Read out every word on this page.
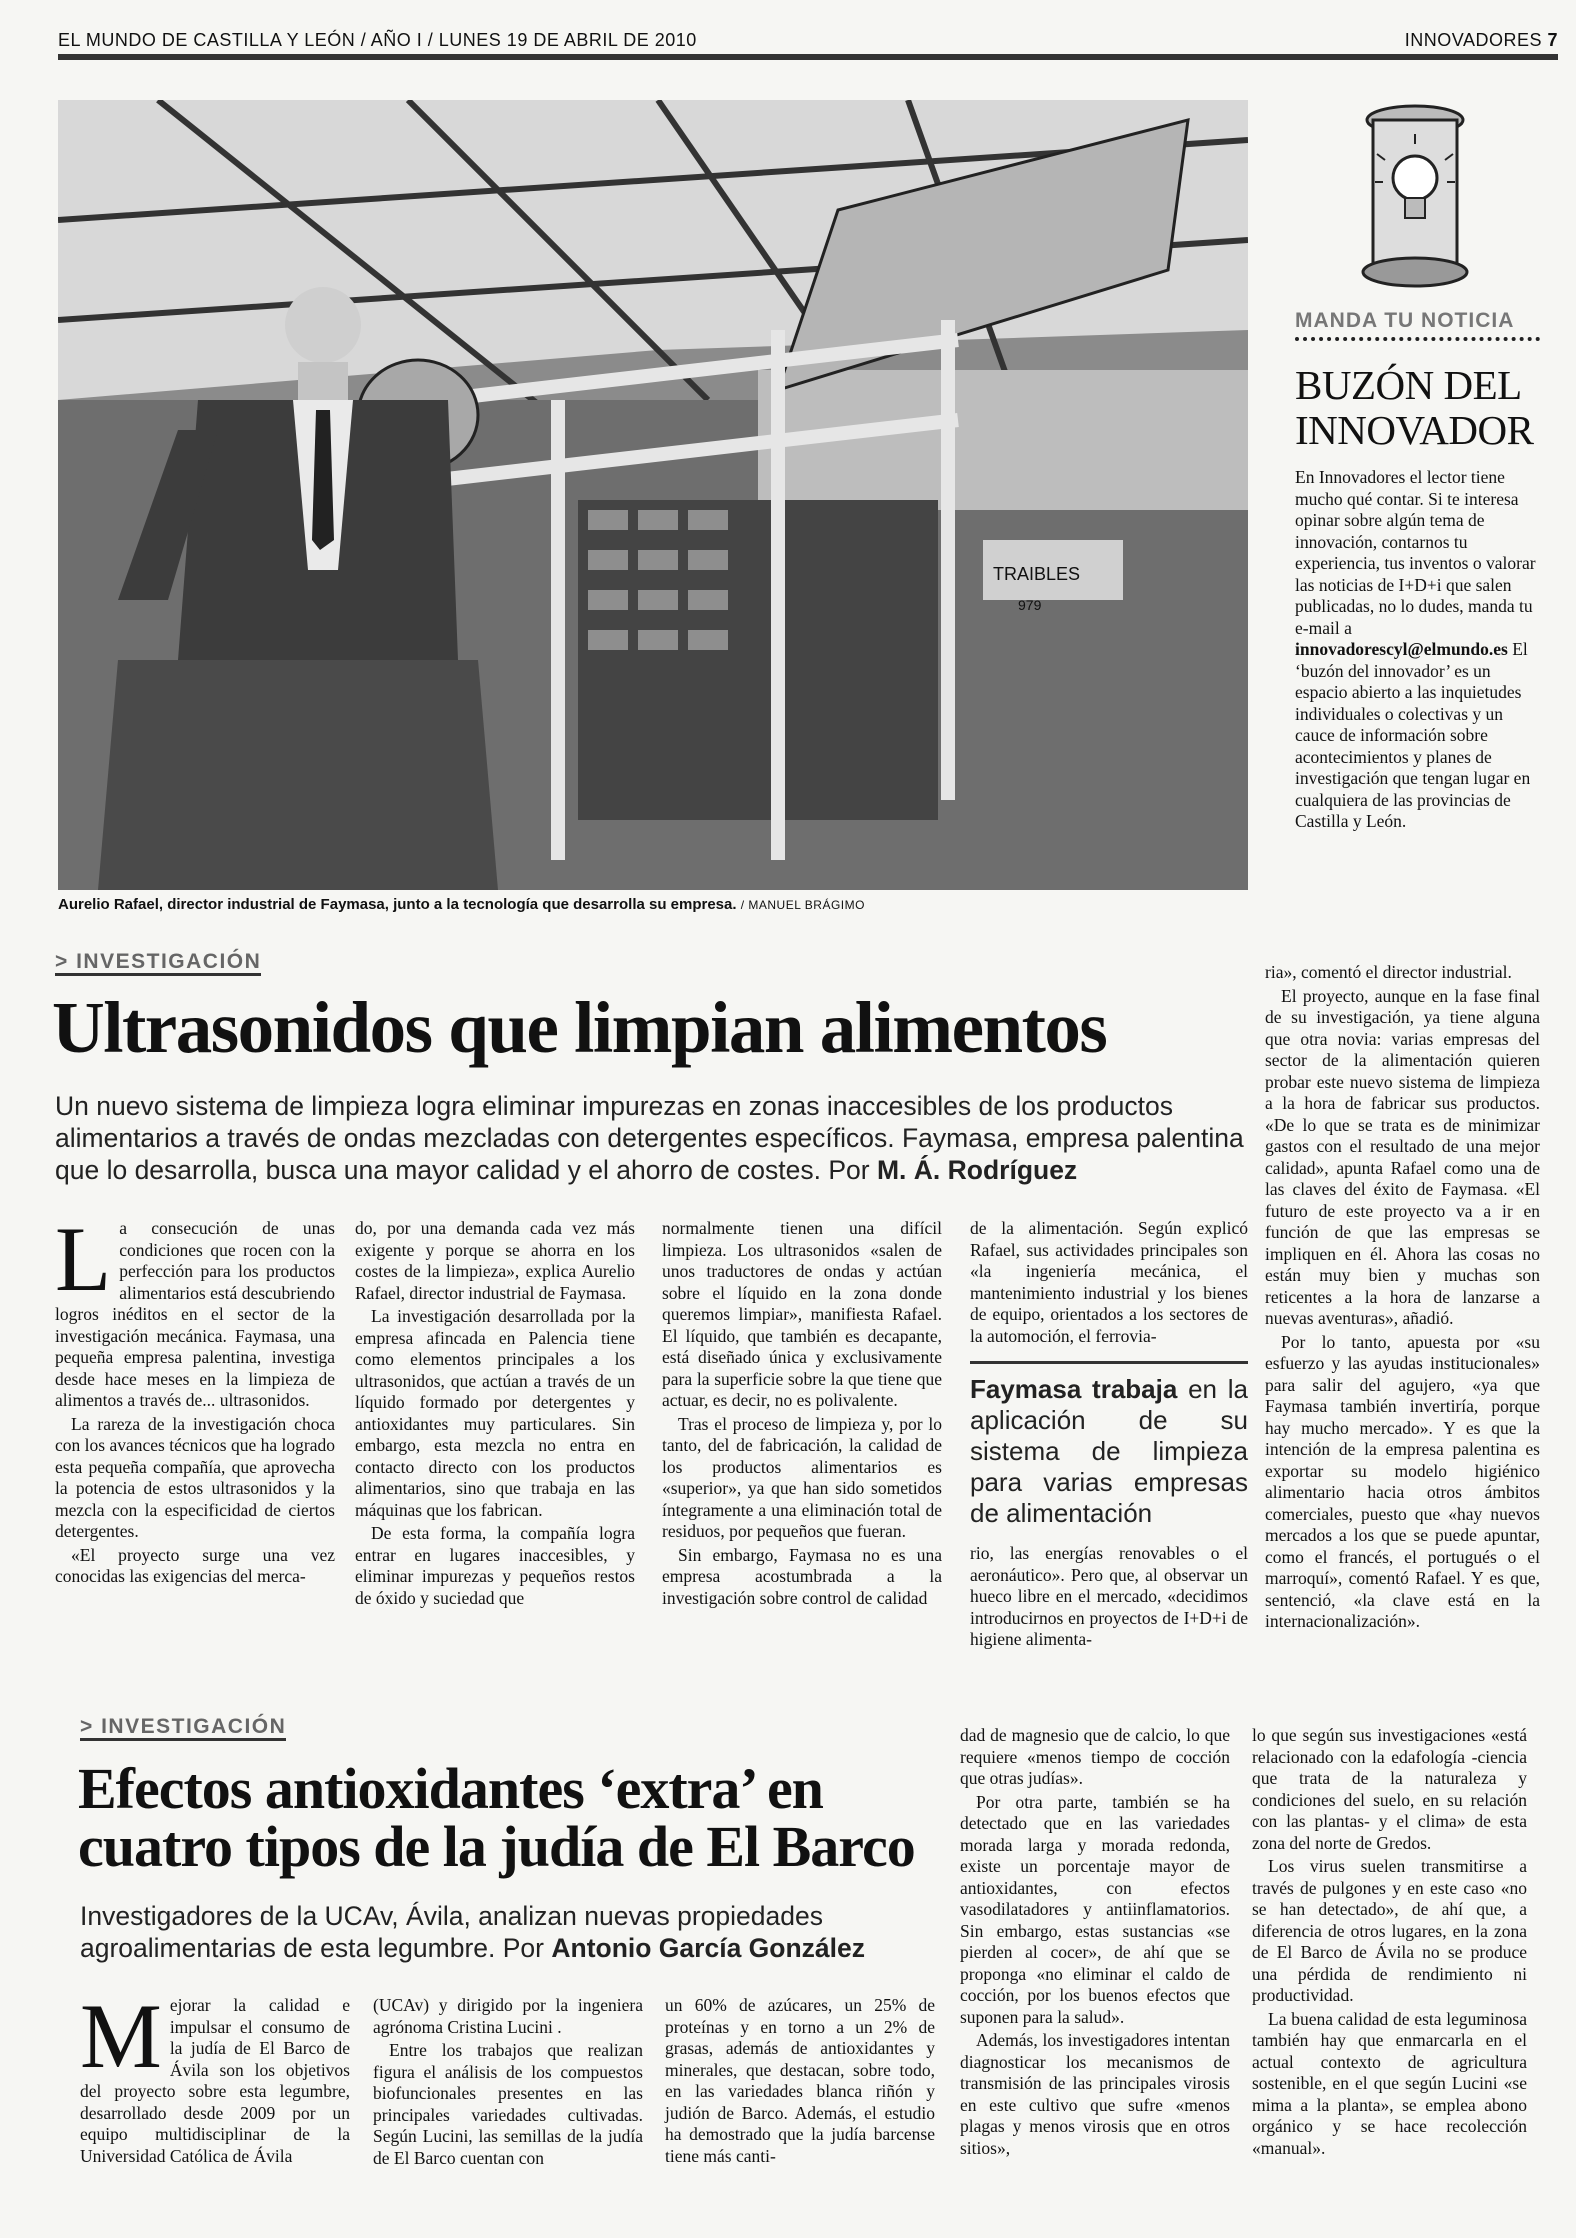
EL MUNDO DE CASTILLA Y LEÓN / AÑO I / LUNES 19 DE ABRIL DE 2010	INNOVADORES 7
TRAIBLES
979
Aurelio Rafael, director industrial de Faymasa, junto a la tecnología que desarrolla su empresa. / MANUEL BRÁGIMO
MANDA TU NOTICIA
BUZÓN DEL
INNOVADOR
En Innovadores el lector tiene mucho qué contar. Si te interesa opinar sobre algún tema de innovación, contarnos tu experiencia, tus inventos o valorar las noticias de I+D+i que salen publicadas, no lo dudes, manda tu e-mail a innovadorescyl@elmundo.es El ‘buzón del innovador’ es un espacio abierto a las inquietudes individuales o colectivas y un cauce de información sobre acontecimientos y planes de investigación que tengan lugar en cualquiera de las provincias de Castilla y León.
> INVESTIGACIÓN
Ultrasonidos que limpian alimentos
Un nuevo sistema de limpieza logra eliminar impurezas en zonas inaccesibles de los productos alimentarios a través de ondas mezcladas con detergentes específicos. Faymasa, empresa palentina que lo desarrolla, busca una mayor calidad y el ahorro de costes. Por M. Á. Rodríguez

La consecución de unas condiciones que rocen con la perfección para los productos alimentarios está descubriendo logros inéditos en el sector de la investigación mecánica. Faymasa, una pequeña empresa palentina, investiga desde hace meses en la limpieza de alimentos a través de... ultrasonidos.

La rareza de la investigación choca con los avances técnicos que ha logrado esta pequeña compañía, que aprovecha la potencia de estos ultrasonidos y la mezcla con la especificidad de ciertos detergentes.

«El proyecto surge una vez conocidas las exigencias del merca-

do, por una demanda cada vez más exigente y porque se ahorra en los costes de la limpieza», explica Aurelio Rafael, director industrial de Faymasa.

La investigación desarrollada por la empresa afincada en Palencia tiene como elementos principales a los ultrasonidos, que actúan a través de un líquido formado por detergentes y antioxidantes muy particulares. Sin embargo, esta mezcla no entra en contacto directo con los productos alimentarios, sino que trabaja en las máquinas que los fabrican.

De esta forma, la compañía logra entrar en lugares inaccesibles, y eliminar impurezas y pequeños restos de óxido y suciedad que

normalmente tienen una difícil limpieza. Los ultrasonidos «salen de unos traductores de ondas y actúan sobre el líquido en la zona donde queremos limpiar», manifiesta Rafael. El líquido, que también es decapante, está diseñado única y exclusivamente para la superficie sobre la que tiene que actuar, es decir, no es polivalente.

Tras el proceso de limpieza y, por lo tanto, del de fabricación, la calidad de los productos alimentarios es «superior», ya que han sido sometidos íntegramente a una eliminación total de residuos, por pequeños que fueran.

Sin embargo, Faymasa no es una empresa acostumbrada a la investigación sobre control de calidad

de la alimentación. Según explicó Rafael, sus actividades principales son «la ingeniería mecánica, el mantenimiento industrial y los bienes de equipo, orientados a los sectores de la automoción, el ferrovia-

Faymasa trabaja en la aplicación de su sistema de limpieza para varias empresas de alimentación

rio, las energías renovables o el aeronáutico». Pero que, al observar un hueco libre en el mercado, «decidimos introducirnos en proyectos de I+D+i de higiene alimenta-

ria», comentó el director industrial.

El proyecto, aunque en la fase final de su investigación, ya tiene alguna que otra novia: varias empresas del sector de la alimentación quieren probar este nuevo sistema de limpieza a la hora de fabricar sus productos. «De lo que se trata es de minimizar gastos con el resultado de una mejor calidad», apunta Rafael como una de las claves del éxito de Faymasa. «El futuro de este proyecto va a ir en función de que las empresas se impliquen en él. Ahora las cosas no están muy bien y muchas son reticentes a la hora de lanzarse a nuevas aventuras», añadió.

Por lo tanto, apuesta por «su esfuerzo y las ayudas institucionales» para salir del agujero, «ya que Faymasa también invertiría, porque hay mucho mercado». Y es que la intención de la empresa palentina es exportar su modelo higiénico alimentario hacia otros ámbitos comerciales, puesto que «hay nuevos mercados a los que se puede apuntar, como el francés, el portugués o el marroquí», comentó Rafael. Y es que, sentenció, «la clave está en la internacionalización».

> INVESTIGACIÓN
Efectos antioxidantes ‘extra’ en
cuatro tipos de la judía de El Barco
Investigadores de la UCAv, Ávila, analizan nuevas propiedades agroalimentarias de esta legumbre. Por Antonio García González

Mejorar la calidad e impulsar el consumo de la judía de El Barco de Ávila son los objetivos del proyecto sobre esta legumbre, desarrollado desde 2009 por un equipo multidisciplinar de la Universidad Católica de Ávila

(UCAv) y dirigido por la ingeniera agrónoma Cristina Lucini .

Entre los trabajos que realizan figura el análisis de los compuestos biofuncionales presentes en las principales variedades cultivadas. Según Lucini, las semillas de la judía de El Barco cuentan con

un 60% de azúcares, un 25% de proteínas y en torno a un 2% de grasas, además de antioxidantes y minerales, que destacan, sobre todo, en las variedades blanca riñón y judión de Barco. Además, el estudio ha demostrado que la judía barcense tiene más canti-

dad de magnesio que de calcio, lo que requiere «menos tiempo de cocción que otras judías».

Por otra parte, también se ha detectado que en las variedades morada larga y morada redonda, existe un porcentaje mayor de antioxidantes, con efectos vasodilatadores y antiinflamatorios. Sin embargo, estas sustancias «se pierden al cocer», de ahí que se proponga «no eliminar el caldo de cocción, por los buenos efectos que suponen para la salud».

Además, los investigadores intentan diagnosticar los mecanismos de transmisión de las principales virosis en este cultivo que sufre «menos plagas y menos virosis que en otros sitios»,

lo que según sus investigaciones «está relacionado con la edafología -ciencia que trata de la naturaleza y condiciones del suelo, en su relación con las plantas- y el clima» de esta zona del norte de Gredos.

Los virus suelen transmitirse a través de pulgones y en este caso «no se han detectado», de ahí que, a diferencia de otros lugares, en la zona de El Barco de Ávila no se produce una pérdida de rendimiento ni productividad.

La buena calidad de esta leguminosa también hay que enmarcarla en el actual contexto de agricultura sostenible, en el que según Lucini «se mima a la planta», se emplea abono orgánico y se hace recolección «manual».
